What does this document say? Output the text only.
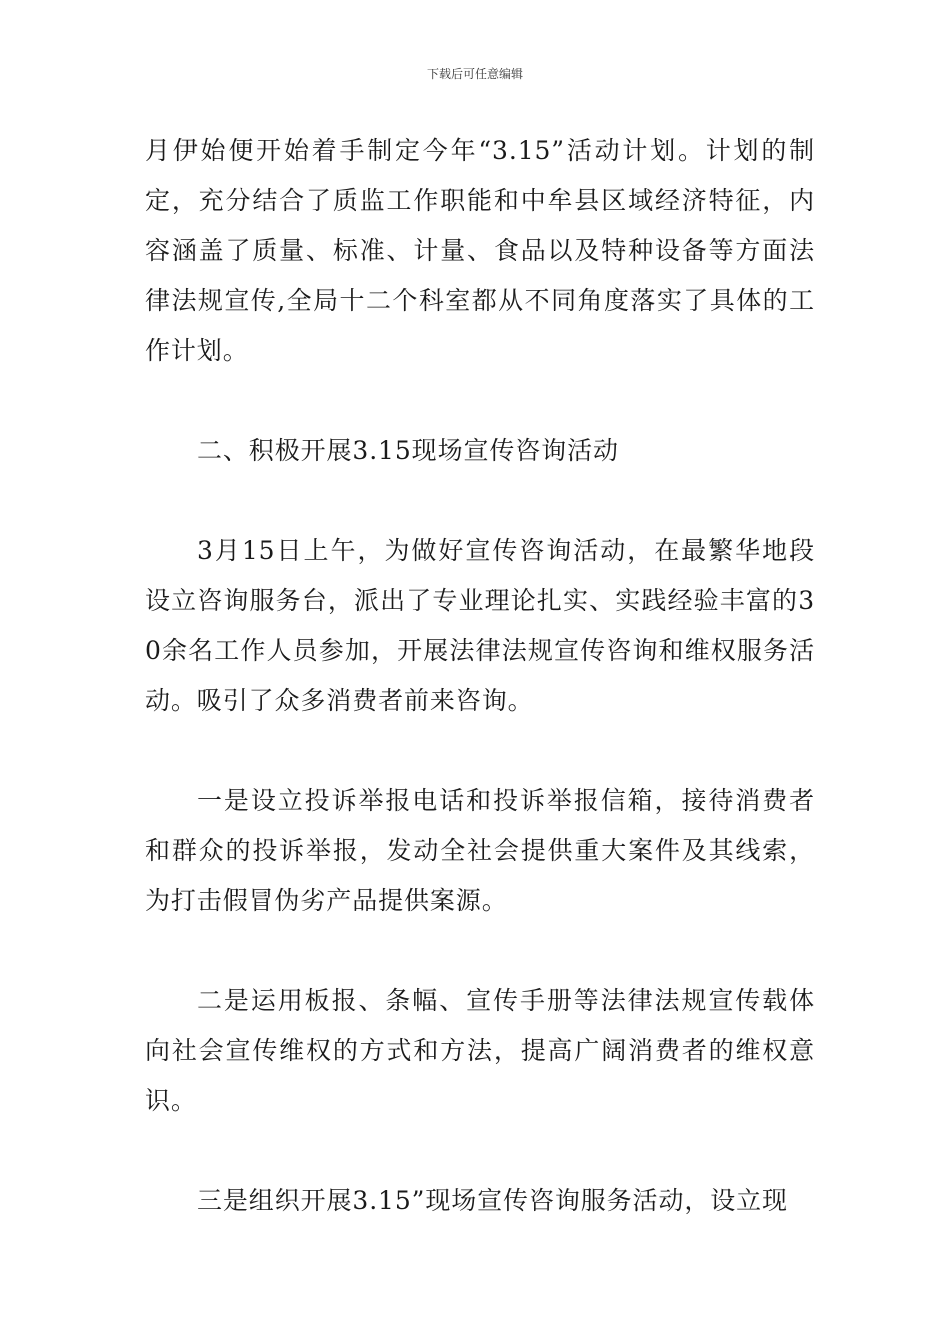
下载后可任意编辑

月伊始便开始着手制定今年“3.15”活动计划。计划的制定，充分结合了质监工作职能和中牟县区域经济特征，内容涵盖了质量、标准、计量、食品以及特种设备等方面法律法规宣传,全局十二个科室都从不同角度落实了具体的工作计划。

二、积极开展3.15现场宣传咨询活动

3月15日上午，为做好宣传咨询活动，在最繁华地段设立咨询服务台，派出了专业理论扎实、实践经验丰富的30余名工作人员参加，开展法律法规宣传咨询和维权服务活动。吸引了众多消费者前来咨询。

一是设立投诉举报电话和投诉举报信箱，接待消费者和群众的投诉举报，发动全社会提供重大案件及其线索，为打击假冒伪劣产品提供案源。

二是运用板报、条幅、宣传手册等法律法规宣传载体向社会宣传维权的方式和方法，提高广阔消费者的维权意识。

三是组织开展3.15”现场宣传咨询服务活动，设立现
